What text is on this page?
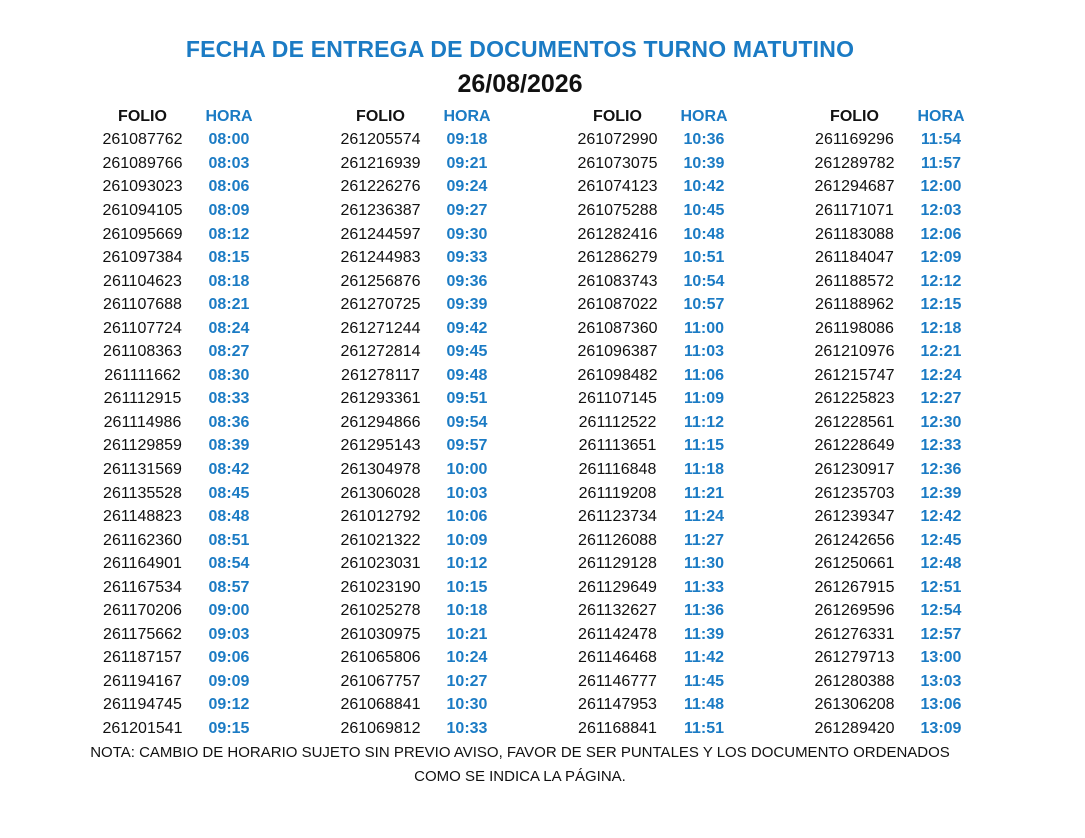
FECHA DE ENTREGA DE DOCUMENTOS TURNO MATUTINO
26/08/2026
FOLIO	HORA
261087762	08:00
261089766	08:03
261093023	08:06
261094105	08:09
261095669	08:12
261097384	08:15
261104623	08:18
261107688	08:21
261107724	08:24
261108363	08:27
261111662	08:30
261112915	08:33
261114986	08:36
261129859	08:39
261131569	08:42
261135528	08:45
261148823	08:48
261162360	08:51
261164901	08:54
261167534	08:57
261170206	09:00
261175662	09:03
261187157	09:06
261194167	09:09
261194745	09:12
261201541	09:15
FOLIO	HORA
261205574	09:18
261216939	09:21
261226276	09:24
261236387	09:27
261244597	09:30
261244983	09:33
261256876	09:36
261270725	09:39
261271244	09:42
261272814	09:45
261278117	09:48
261293361	09:51
261294866	09:54
261295143	09:57
261304978	10:00
261306028	10:03
261012792	10:06
261021322	10:09
261023031	10:12
261023190	10:15
261025278	10:18
261030975	10:21
261065806	10:24
261067757	10:27
261068841	10:30
261069812	10:33
FOLIO	HORA
261072990	10:36
261073075	10:39
261074123	10:42
261075288	10:45
261282416	10:48
261286279	10:51
261083743	10:54
261087022	10:57
261087360	11:00
261096387	11:03
261098482	11:06
261107145	11:09
261112522	11:12
261113651	11:15
261116848	11:18
261119208	11:21
261123734	11:24
261126088	11:27
261129128	11:30
261129649	11:33
261132627	11:36
261142478	11:39
261146468	11:42
261146777	11:45
261147953	11:48
261168841	11:51
FOLIO	HORA
261169296	11:54
261289782	11:57
261294687	12:00
261171071	12:03
261183088	12:06
261184047	12:09
261188572	12:12
261188962	12:15
261198086	12:18
261210976	12:21
261215747	12:24
261225823	12:27
261228561	12:30
261228649	12:33
261230917	12:36
261235703	12:39
261239347	12:42
261242656	12:45
261250661	12:48
261267915	12:51
261269596	12:54
261276331	12:57
261279713	13:00
261280388	13:03
261306208	13:06
261289420	13:09
NOTA: CAMBIO DE HORARIO SUJETO SIN PREVIO AVISO, FAVOR DE SER PUNTALES Y LOS DOCUMENTO ORDENADOS
COMO SE INDICA LA PÁGINA.
